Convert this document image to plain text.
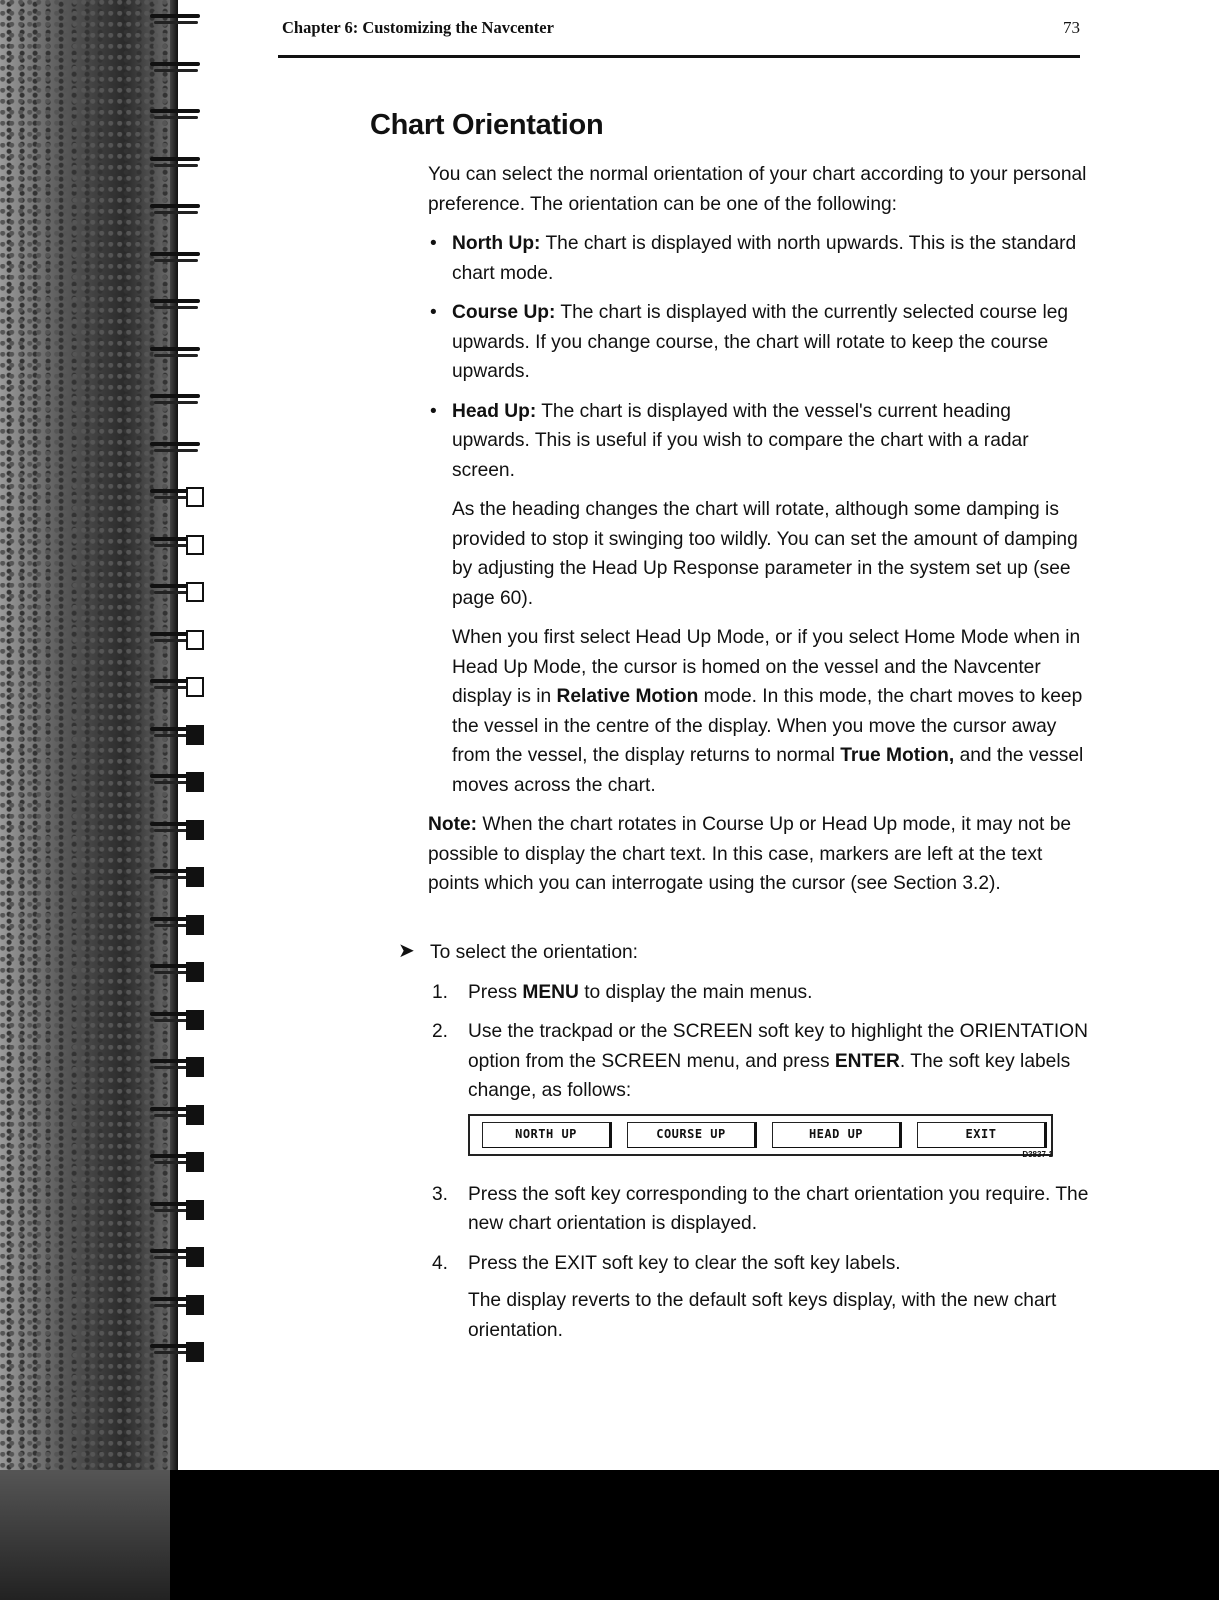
Chapter 6: Customizing the Navcenter	73
Chart Orientation

You can select the normal orientation of your chart according to your personal preference. The orientation can be one of the following:

• North Up: The chart is displayed with north upwards. This is the standard chart mode.
• Course Up: The chart is displayed with the currently selected course leg upwards. If you change course, the chart will rotate to keep the course upwards.
• Head Up: The chart is displayed with the vessel's current heading upwards. This is useful if you wish to compare the chart with a radar screen.

As the heading changes the chart will rotate, although some damping is provided to stop it swinging too wildly. You can set the amount of damping by adjusting the Head Up Response parameter in the system set up (see page 60).

When you first select Head Up Mode, or if you select Home Mode when in Head Up Mode, the cursor is homed on the vessel and the Navcenter display is in Relative Motion mode. In this mode, the chart moves to keep the vessel in the centre of the display. When you move the cursor away from the vessel, the display returns to normal True Motion, and the vessel moves across the chart.

Note: When the chart rotates in Course Up or Head Up mode, it may not be possible to display the chart text. In this case, markers are left at the text points which you can interrogate using the cursor (see Section 3.2).

➤ To select the orientation:
1. Press MENU to display the main menus.

2. Use the trackpad or the SCREEN soft key to highlight the ORIENTATION option from the SCREEN menu, and press ENTER. The soft key labels change, as follows:

NORTH UP	COURSE UP	HEAD UP	EXIT
D3837-1
3. Press the soft key corresponding to the chart orientation you require. The new chart orientation is displayed.

4. Press the EXIT soft key to clear the soft key labels.

The display reverts to the default soft keys display, with the new chart orientation.
